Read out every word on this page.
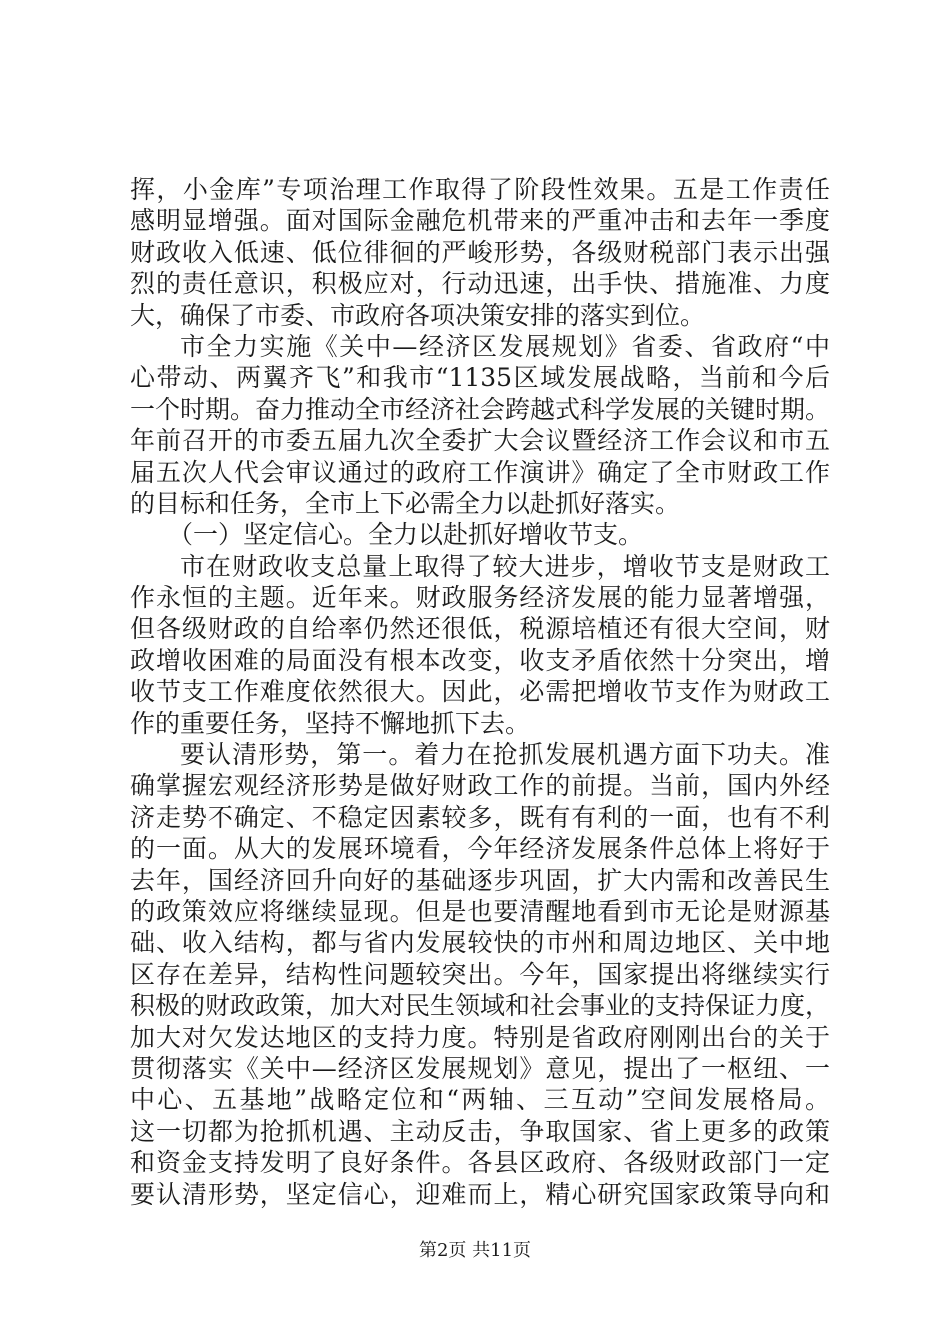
挥，小金库”专项治理工作取得了阶段性效果。五是工作责任
感明显增强。面对国际金融危机带来的严重冲击和去年一季度
财政收入低速、低位徘徊的严峻形势，各级财税部门表示出强
烈的责任意识，积极应对，行动迅速，出手快、措施准、力度
大，确保了市委、市政府各项决策安排的落实到位。
市全力实施《关中—经济区发展规划》省委、省政府“中
心带动、两翼齐飞”和我市“1135区域发展战略，当前和今后
一个时期。奋力推动全市经济社会跨越式科学发展的关键时期。
年前召开的市委五届九次全委扩大会议暨经济工作会议和市五
届五次人代会审议通过的政府工作演讲》确定了全市财政工作
的目标和任务，全市上下必需全力以赴抓好落实。
（一）坚定信心。全力以赴抓好增收节支。
市在财政收支总量上取得了较大进步，增收节支是财政工
作永恒的主题。近年来。财政服务经济发展的能力显著增强，
但各级财政的自给率仍然还很低，税源培植还有很大空间，财
政增收困难的局面没有根本改变，收支矛盾依然十分突出，增
收节支工作难度依然很大。因此，必需把增收节支作为财政工
作的重要任务，坚持不懈地抓下去。
要认清形势，第一。着力在抢抓发展机遇方面下功夫。准
确掌握宏观经济形势是做好财政工作的前提。当前，国内外经
济走势不确定、不稳定因素较多，既有有利的一面，也有不利
的一面。从大的发展环境看，今年经济发展条件总体上将好于
去年，国经济回升向好的基础逐步巩固，扩大内需和改善民生
的政策效应将继续显现。但是也要清醒地看到市无论是财源基
础、收入结构，都与省内发展较快的市州和周边地区、关中地
区存在差异，结构性问题较突出。今年，国家提出将继续实行
积极的财政政策，加大对民生领域和社会事业的支持保证力度，
加大对欠发达地区的支持力度。特别是省政府刚刚出台的关于
贯彻落实《关中—经济区发展规划》意见，提出了一枢纽、一
中心、五基地”战略定位和“两轴、三互动”空间发展格局。
这一切都为抢抓机遇、主动反击，争取国家、省上更多的政策
和资金支持发明了良好条件。各县区政府、各级财政部门一定
要认清形势，坚定信心，迎难而上，精心研究国家政策导向和
第2页 共11页
